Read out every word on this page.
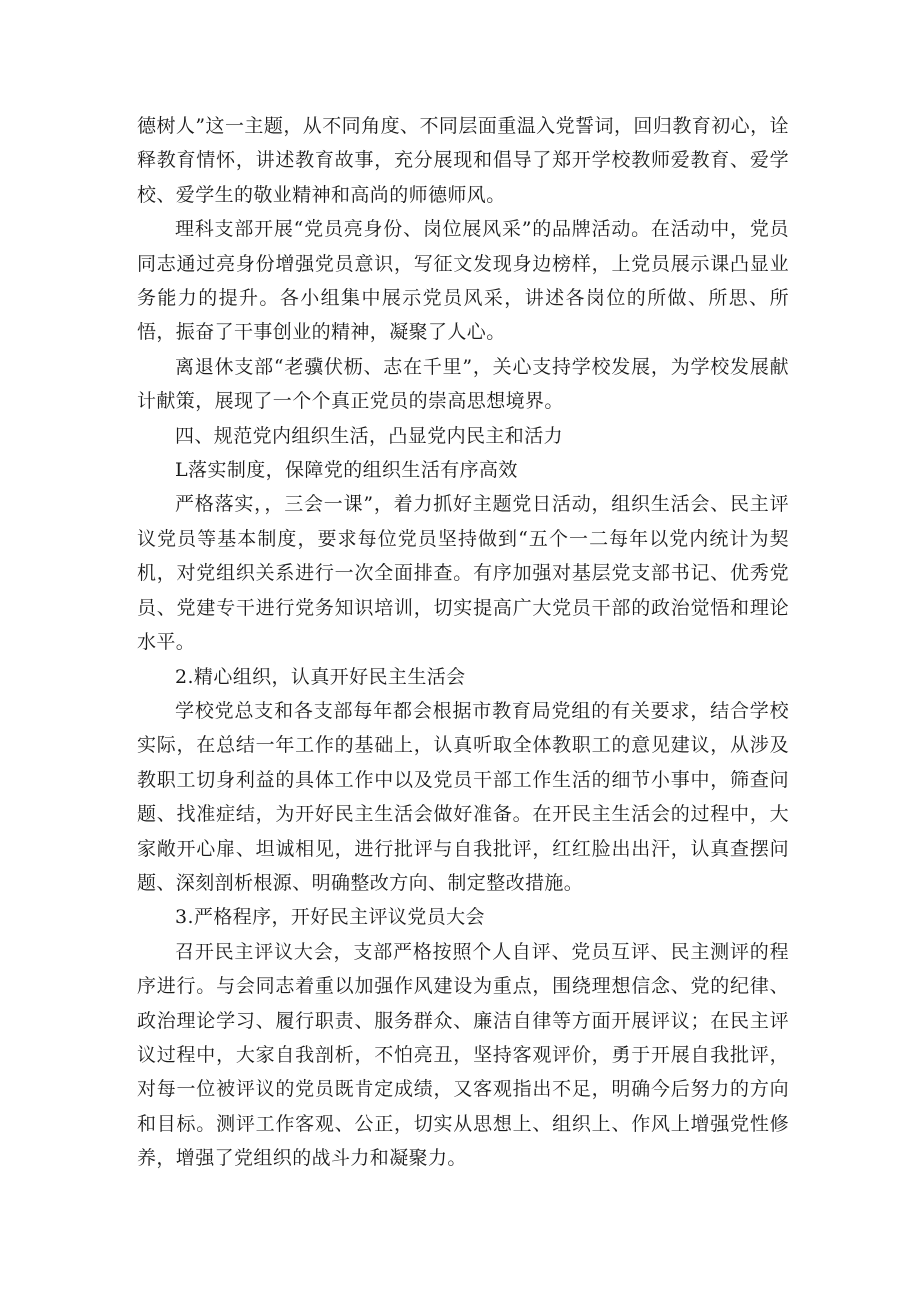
德树人”这一主题，从不同角度、不同层面重温入党誓词，回归教育初心，诠释教育情怀，讲述教育故事，充分展现和倡导了郑开学校教师爱教育、爱学校、爱学生的敬业精神和高尚的师德师风。

理科支部开展“党员亮身份、岗位展风采”的品牌活动。在活动中，党员同志通过亮身份增强党员意识，写征文发现身边榜样，上党员展示课凸显业务能力的提升。各小组集中展示党员风采，讲述各岗位的所做、所思、所悟，振奋了干事创业的精神，凝聚了人心。

离退休支部“老骥伏枥、志在千里”，关心支持学校发展，为学校发展献计献策，展现了一个个真正党员的崇高思想境界。

四、规范党内组织生活，凸显党内民主和活力

L落实制度，保障党的组织生活有序高效

严格落实，，三会一课”，着力抓好主题党日活动，组织生活会、民主评议党员等基本制度，要求每位党员坚持做到“五个一二每年以党内统计为契机，对党组织关系进行一次全面排查。有序加强对基层党支部书记、优秀党员、党建专干进行党务知识培训，切实提高广大党员干部的政治觉悟和理论水平。

2.精心组织，认真开好民主生活会

学校党总支和各支部每年都会根据市教育局党组的有关要求，结合学校实际，在总结一年工作的基础上，认真听取全体教职工的意见建议，从涉及教职工切身利益的具体工作中以及党员干部工作生活的细节小事中，筛查问题、找准症结，为开好民主生活会做好准备。在开民主生活会的过程中，大家敞开心扉、坦诚相见，进行批评与自我批评，红红脸出出汗，认真查摆问题、深刻剖析根源、明确整改方向、制定整改措施。

3.严格程序，开好民主评议党员大会

召开民主评议大会，支部严格按照个人自评、党员互评、民主测评的程序进行。与会同志着重以加强作风建设为重点，围绕理想信念、党的纪律、政治理论学习、履行职责、服务群众、廉洁自律等方面开展评议；在民主评议过程中，大家自我剖析，不怕亮丑，坚持客观评价，勇于开展自我批评，对每一位被评议的党员既肯定成绩，又客观指出不足，明确今后努力的方向和目标。测评工作客观、公正，切实从思想上、组织上、作风上增强党性修养，增强了党组织的战斗力和凝聚力。
